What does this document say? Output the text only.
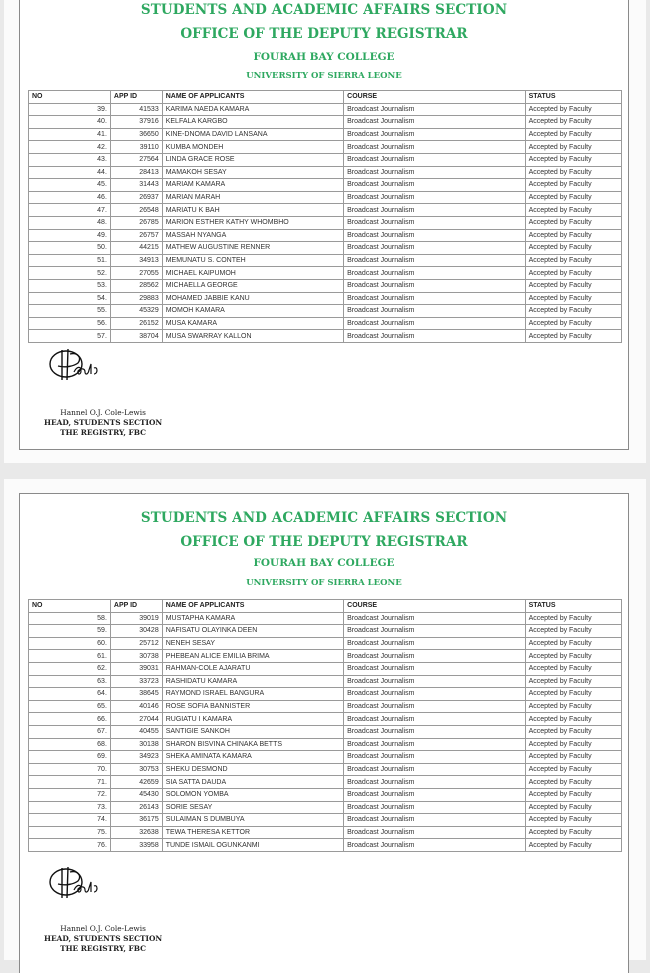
STUDENTS AND ACADEMIC AFFAIRS SECTION
OFFICE OF THE DEPUTY REGISTRAR
FOURAH BAY COLLEGE
UNIVERSITY OF SIERRA LEONE
NO	APP ID	NAME OF APPLICANTS	COURSE	STATUS
39.	41533	KARIMA NAEDA KAMARA	Broadcast Journalism	Accepted by Faculty
40.	37916	KELFALA KARGBO	Broadcast Journalism	Accepted by Faculty
41.	36650	KINE-DNOMA DAVID LANSANA	Broadcast Journalism	Accepted by Faculty
42.	39110	KUMBA MONDEH	Broadcast Journalism	Accepted by Faculty
43.	27564	LINDA GRACE ROSE	Broadcast Journalism	Accepted by Faculty
44.	28413	MAMAKOH SESAY	Broadcast Journalism	Accepted by Faculty
45.	31443	MARIAM KAMARA	Broadcast Journalism	Accepted by Faculty
46.	26937	MARIAN MARAH	Broadcast Journalism	Accepted by Faculty
47.	26548	MARIATU K BAH	Broadcast Journalism	Accepted by Faculty
48.	26785	MARION ESTHER KATHY WHOMBHO	Broadcast Journalism	Accepted by Faculty
49.	26757	MASSAH NYANGA	Broadcast Journalism	Accepted by Faculty
50.	44215	MATHEW AUGUSTINE RENNER	Broadcast Journalism	Accepted by Faculty
51.	34913	MEMUNATU S. CONTEH	Broadcast Journalism	Accepted by Faculty
52.	27055	MICHAEL KAIPUMOH	Broadcast Journalism	Accepted by Faculty
53.	28562	MICHAELLA GEORGE	Broadcast Journalism	Accepted by Faculty
54.	29883	MOHAMED JABBIE KANU	Broadcast Journalism	Accepted by Faculty
55.	45329	MOMOH KAMARA	Broadcast Journalism	Accepted by Faculty
56.	26152	MUSA KAMARA	Broadcast Journalism	Accepted by Faculty
57.	38704	MUSA SWARRAY KALLON	Broadcast Journalism	Accepted by Faculty
Hannel O.J. Cole-Lewis
HEAD, STUDENTS SECTION
THE REGISTRY, FBC
STUDENTS AND ACADEMIC AFFAIRS SECTION
OFFICE OF THE DEPUTY REGISTRAR
FOURAH BAY COLLEGE
UNIVERSITY OF SIERRA LEONE
NO	APP ID	NAME OF APPLICANTS	COURSE	STATUS
58.	39019	MUSTAPHA KAMARA	Broadcast Journalism	Accepted by Faculty
59.	30428	NAFISATU OLAYINKA DEEN	Broadcast Journalism	Accepted by Faculty
60.	25712	NENEH SESAY	Broadcast Journalism	Accepted by Faculty
61.	30738	PHEBEAN ALICE EMILIA BRIMA	Broadcast Journalism	Accepted by Faculty
62.	39031	RAHMAN-COLE AJARATU	Broadcast Journalism	Accepted by Faculty
63.	33723	RASHIDATU KAMARA	Broadcast Journalism	Accepted by Faculty
64.	38645	RAYMOND ISRAEL BANGURA	Broadcast Journalism	Accepted by Faculty
65.	40146	ROSE SOFIA BANNISTER	Broadcast Journalism	Accepted by Faculty
66.	27044	RUGIATU I KAMARA	Broadcast Journalism	Accepted by Faculty
67.	40455	SANTIGIE SANKOH	Broadcast Journalism	Accepted by Faculty
68.	30138	SHARON BISVINA CHINAKA BETTS	Broadcast Journalism	Accepted by Faculty
69.	34923	SHEKA AMINATA KAMARA	Broadcast Journalism	Accepted by Faculty
70.	30753	SHEKU DESMOND	Broadcast Journalism	Accepted by Faculty
71.	42659	SIA SATTA DAUDA	Broadcast Journalism	Accepted by Faculty
72.	45430	SOLOMON YOMBA	Broadcast Journalism	Accepted by Faculty
73.	26143	SORIE SESAY	Broadcast Journalism	Accepted by Faculty
74.	36175	SULAIMAN S DUMBUYA	Broadcast Journalism	Accepted by Faculty
75.	32638	TEWA THERESA KETTOR	Broadcast Journalism	Accepted by Faculty
76.	33958	TUNDE ISMAIL OGUNKANMI	Broadcast Journalism	Accepted by Faculty
Hannel O.J. Cole-Lewis
HEAD, STUDENTS SECTION
THE REGISTRY, FBC
